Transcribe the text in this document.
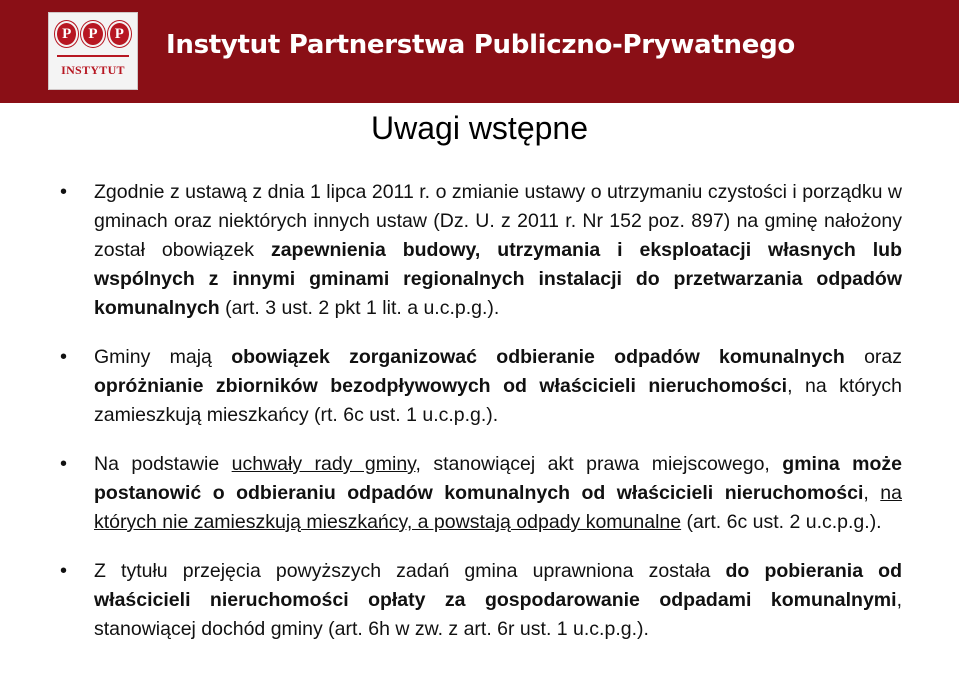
P	P	P
INSTYTUT
Instytut Partnerstwa Publiczno-Prywatnego
Uwagi wstępne
• Zgodnie z ustawą z dnia 1 lipca 2011 r. o zmianie ustawy o utrzymaniu czystości i porządku w gminach oraz niektórych innych ustaw (Dz. U. z 2011 r. Nr 152 poz. 897) na gminę nałożony został obowiązek zapewnienia budowy, utrzymania i eksploatacji własnych lub wspólnych z innymi gminami regionalnych instalacji do przetwarzania odpadów komunalnych (art. 3 ust. 2 pkt 1 lit. a u.c.p.g.).
• Gminy mają obowiązek zorganizować odbieranie odpadów komunalnych oraz opróżnianie zbiorników bezodpływowych od właścicieli nieruchomości, na których zamieszkują mieszkańcy (rt. 6c ust. 1 u.c.p.g.).
• Na podstawie uchwały rady gminy, stanowiącej akt prawa miejscowego, gmina może postanowić o odbieraniu odpadów komunalnych od właścicieli nieruchomości, na których nie zamieszkują mieszkańcy, a powstają odpady komunalne (art. 6c ust. 2 u.c.p.g.).
• Z tytułu przejęcia powyższych zadań gmina uprawniona została do pobierania od właścicieli nieruchomości opłaty za gospodarowanie odpadami komunalnymi, stanowiącej dochód gminy (art. 6h w zw. z art. 6r ust. 1 u.c.p.g.).
